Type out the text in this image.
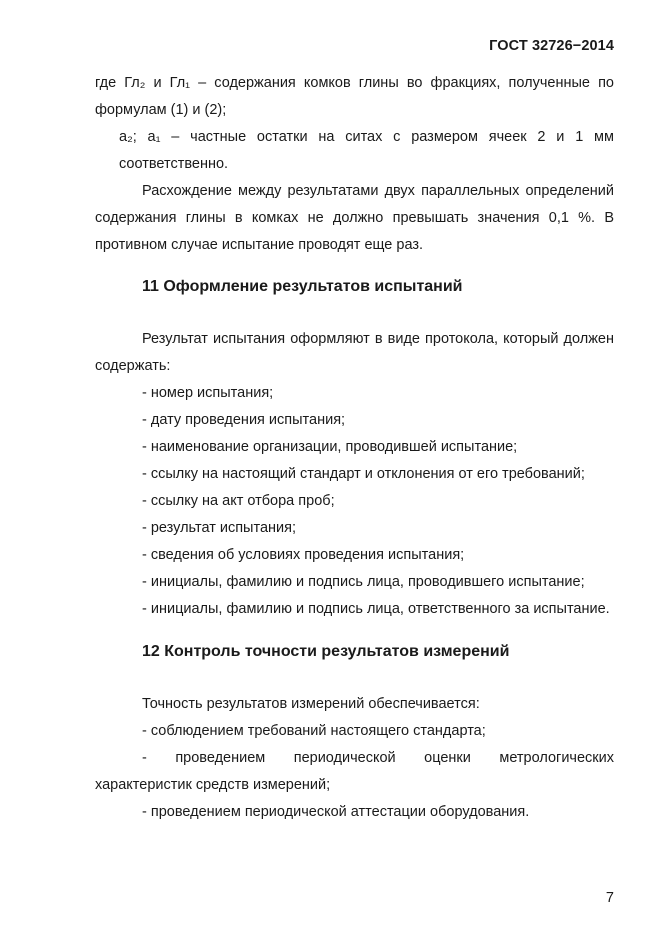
ГОСТ 32726−2014

где Гл₂ и Гл₁ – содержания комков глины во фракциях, полученные по формулам (1) и (2);

a₂; a₁ – частные остатки на ситах с размером ячеек 2 и 1 мм соответственно.

Расхождение между результатами двух параллельных определений содержания глины в комках не должно превышать значения 0,1 %. В противном случае испытание проводят еще раз.

11 Оформление результатов испытаний

Результат испытания оформляют в виде протокола, который должен содержать:

- номер испытания;

- дату проведения испытания;

- наименование организации, проводившей испытание;

- ссылку на настоящий стандарт и отклонения от его требований;

- ссылку на акт отбора проб;

- результат испытания;

- сведения об условиях проведения испытания;

- инициалы, фамилию и подпись лица, проводившего испытание;

- инициалы, фамилию и подпись лица, ответственного за испытание.

12 Контроль точности результатов измерений

Точность результатов измерений обеспечивается:

- соблюдением требований настоящего стандарта;

- проведением периодической оценки метрологических характеристик средств измерений;

- проведением периодической аттестации оборудования.

7
